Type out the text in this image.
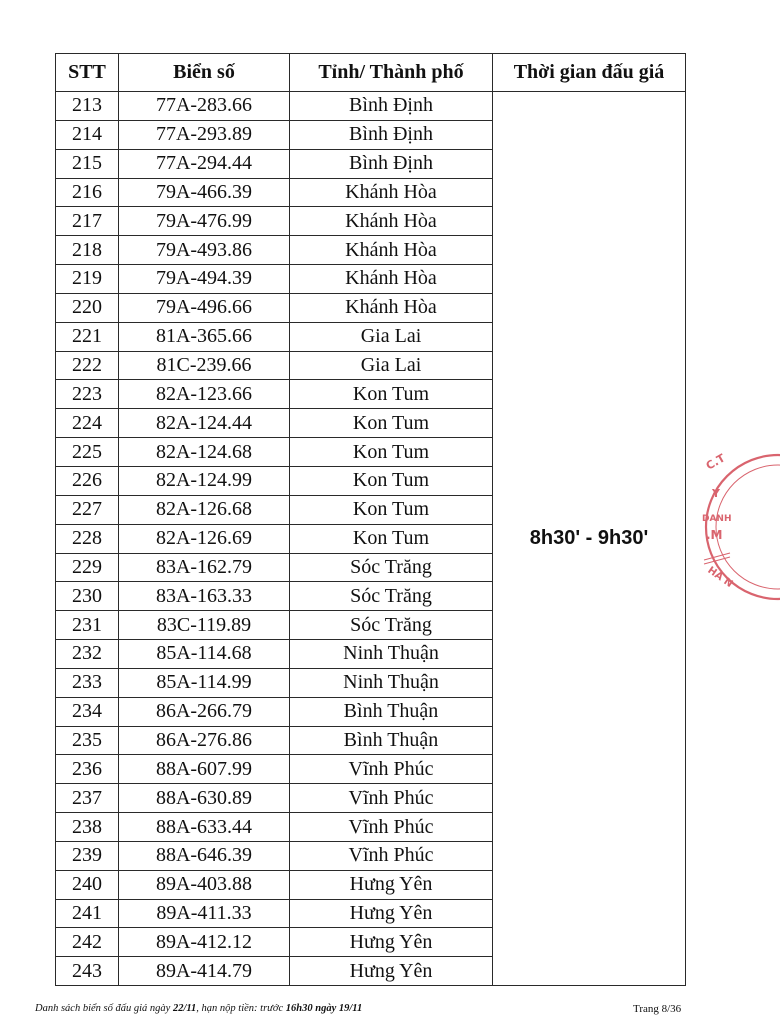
STT	Biển số	Tỉnh/ Thành phố	Thời gian đấu giá
213	77A-283.66	Bình Định	8h30' - 9h30'
214	77A-293.89	Bình Định	
215	77A-294.44	Bình Định	
216	79A-466.39	Khánh Hòa	
217	79A-476.99	Khánh Hòa	
218	79A-493.86	Khánh Hòa	
219	79A-494.39	Khánh Hòa	
220	79A-496.66	Khánh Hòa	
221	81A-365.66	Gia Lai	
222	81C-239.66	Gia Lai	
223	82A-123.66	Kon Tum	
224	82A-124.44	Kon Tum	
225	82A-124.68	Kon Tum	
226	82A-124.99	Kon Tum	
227	82A-126.68	Kon Tum	
228	82A-126.69	Kon Tum	
229	83A-162.79	Sóc Trăng	
230	83A-163.33	Sóc Trăng	
231	83C-119.89	Sóc Trăng	
232	85A-114.68	Ninh Thuận	
233	85A-114.99	Ninh Thuận	
234	86A-266.79	Bình Thuận	
235	86A-276.86	Bình Thuận	
236	88A-607.99	Vĩnh Phúc	
237	88A-630.89	Vĩnh Phúc	
238	88A-633.44	Vĩnh Phúc	
239	88A-646.39	Vĩnh Phúc	
240	89A-403.88	Hưng Yên	
241	89A-411.33	Hưng Yên	
242	89A-412.12	Hưng Yên	
243	89A-414.79	Hưng Yên	
Danh sách biển số đấu giá ngày 22/11, hạn nộp tiền: trước 16h30 ngày 19/11	Trang 8/36
C.T
Y
DANH
.M
HÀ N
